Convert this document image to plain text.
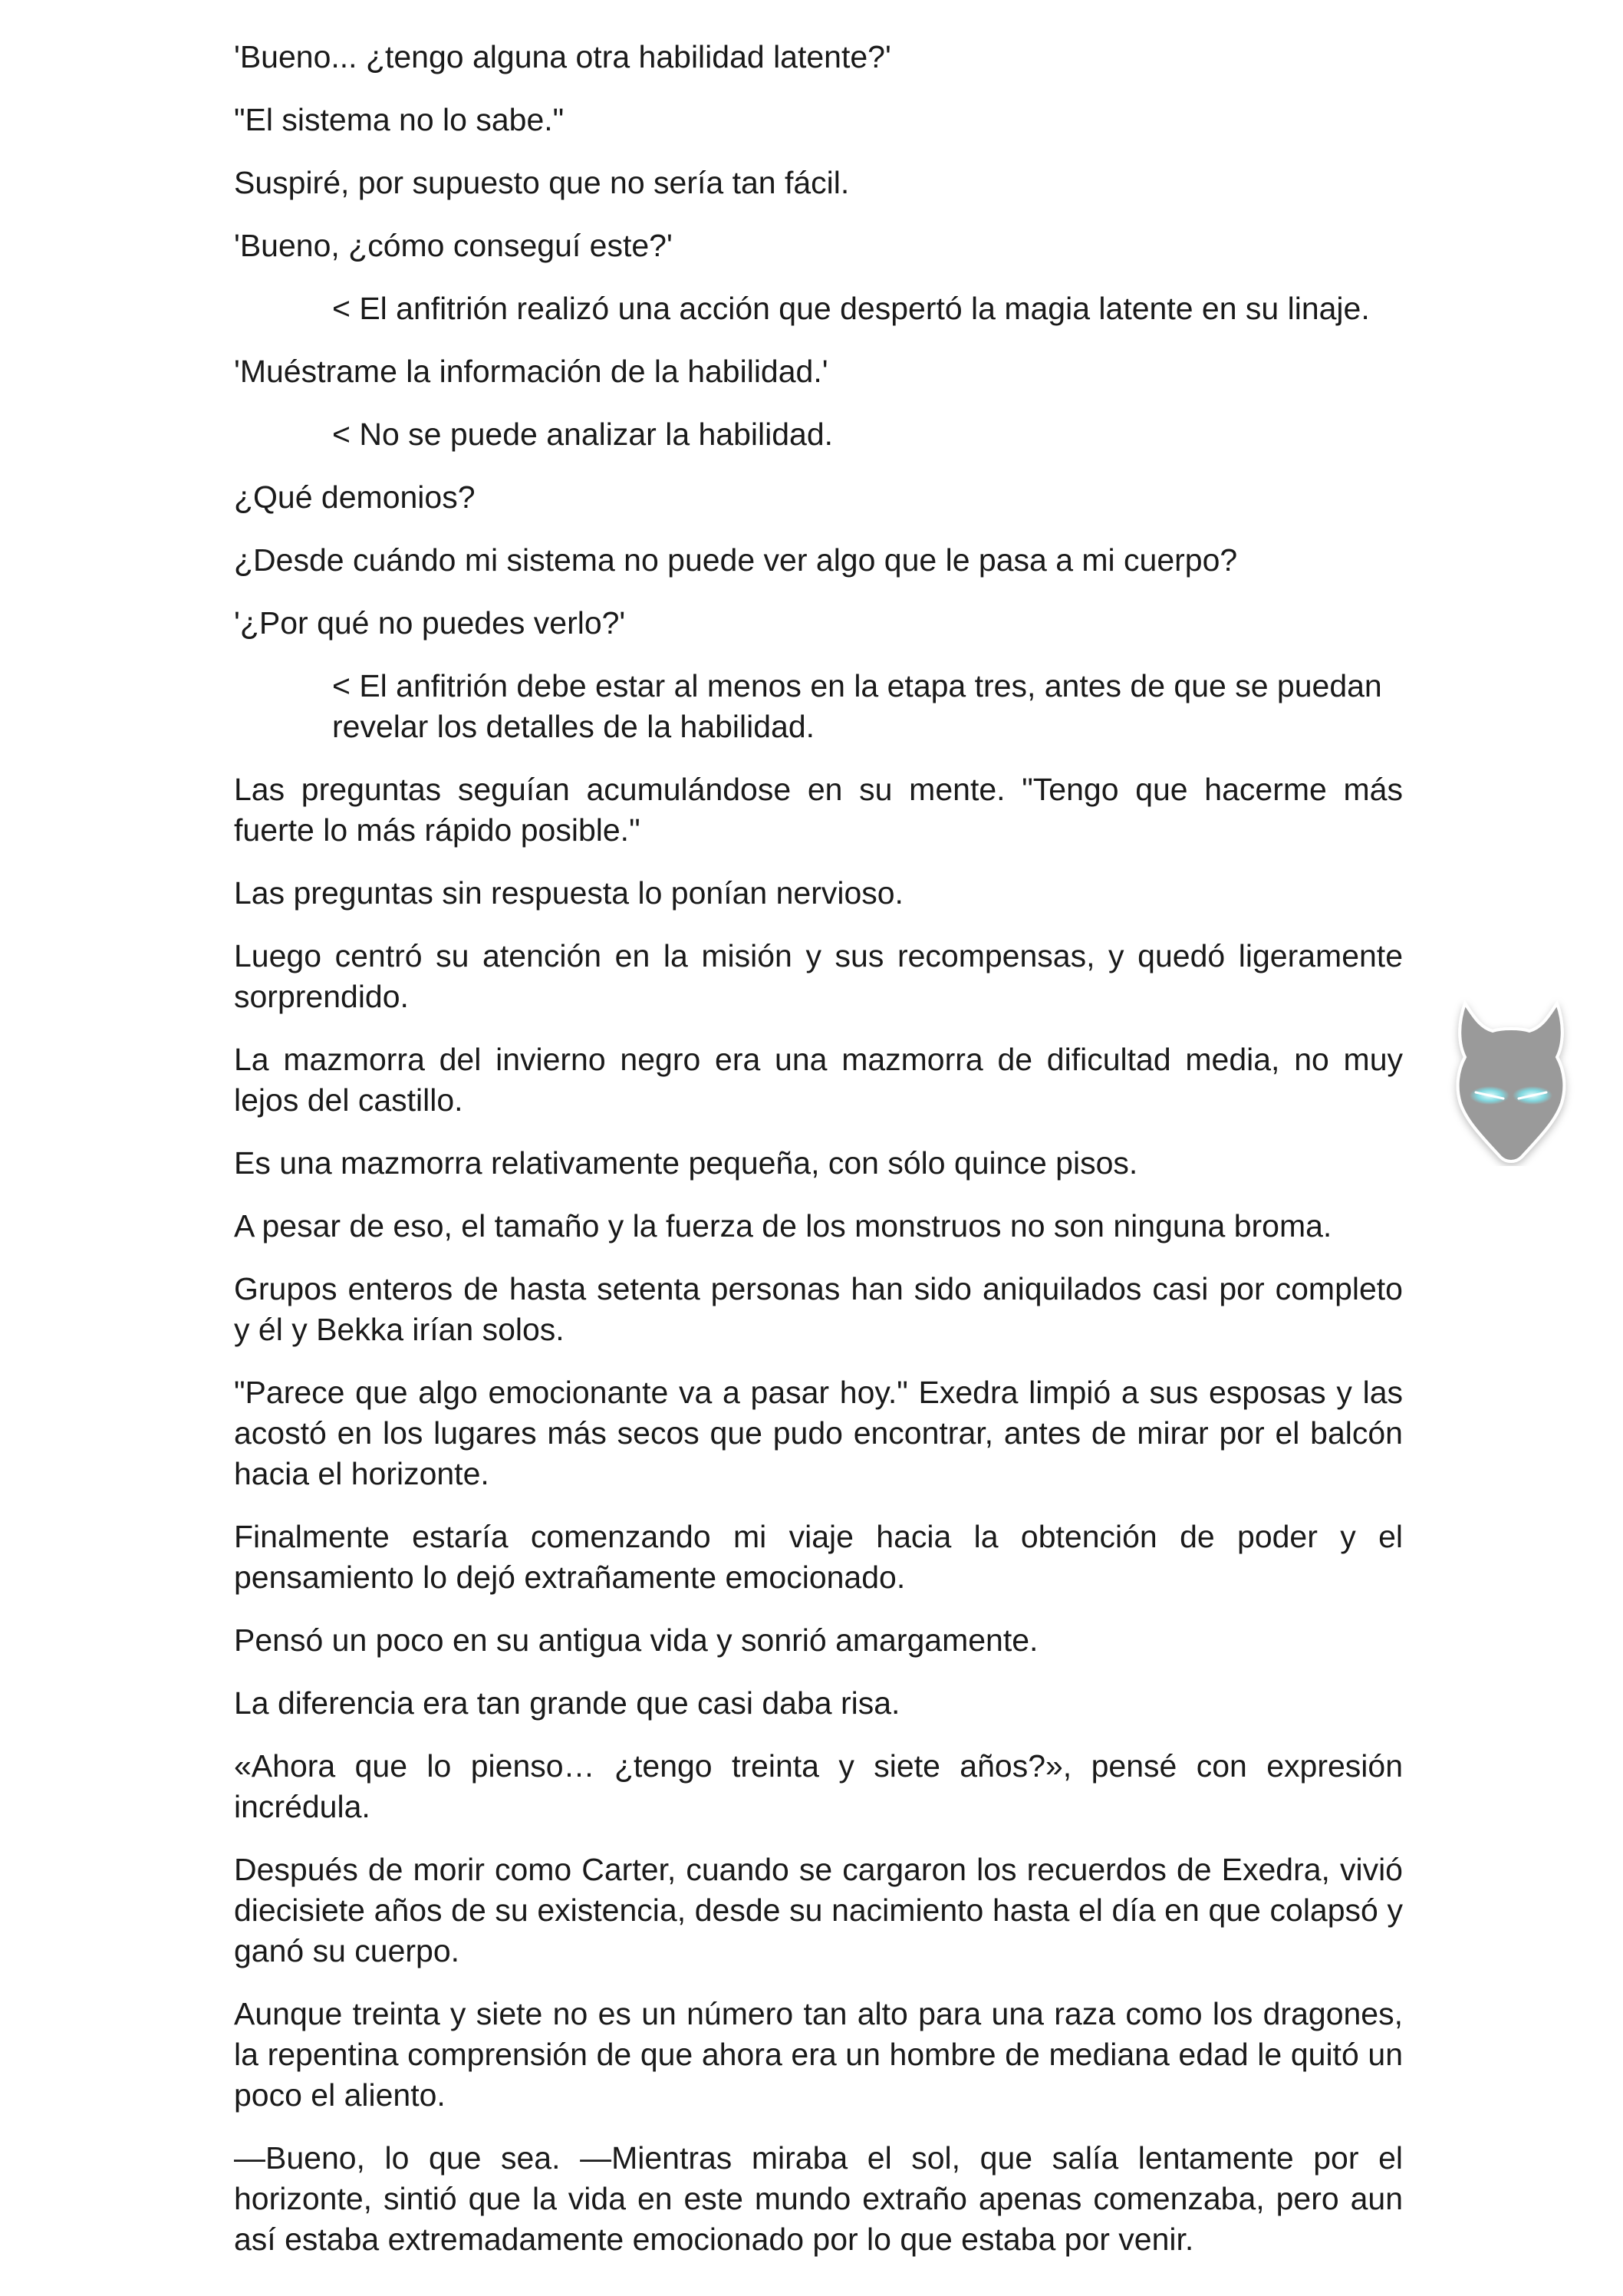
'Bueno... ¿tengo alguna otra habilidad latente?'

"El sistema no lo sabe."

Suspiré, por supuesto que no sería tan fácil.

'Bueno, ¿cómo conseguí este?'

< El anfitrión realizó una acción que despertó la magia latente en su linaje.

'Muéstrame la información de la habilidad.'

< No se puede analizar la habilidad.

¿Qué demonios?

¿Desde cuándo mi sistema no puede ver algo que le pasa a mi cuerpo?

'¿Por qué no puedes verlo?'

< El anfitrión debe estar al menos en la etapa tres, antes de que se puedan revelar los detalles de la habilidad.

Las preguntas seguían acumulándose en su mente. "Tengo que hacerme más fuerte lo más rápido posible."

Las preguntas sin respuesta lo ponían nervioso.

Luego centró su atención en la misión y sus recompensas, y quedó ligeramente sorprendido.

La mazmorra del invierno negro era una mazmorra de dificultad media, no muy lejos del castillo.

Es una mazmorra relativamente pequeña, con sólo quince pisos.

A pesar de eso, el tamaño y la fuerza de los monstruos no son ninguna broma.

Grupos enteros de hasta setenta personas han sido aniquilados casi por completo y él y Bekka irían solos.

"Parece que algo emocionante va a pasar hoy." Exedra limpió a sus esposas y las acostó en los lugares más secos que pudo encontrar, antes de mirar por el balcón hacia el horizonte.

Finalmente estaría comenzando mi viaje hacia la obtención de poder y el pensamiento lo dejó extrañamente emocionado.

Pensó un poco en su antigua vida y sonrió amargamente.

La diferencia era tan grande que casi daba risa.

«Ahora que lo pienso… ¿tengo treinta y siete años?», pensé con expresión incrédula.

Después de morir como Carter, cuando se cargaron los recuerdos de Exedra, vivió diecisiete años de su existencia, desde su nacimiento hasta el día en que colapsó y ganó su cuerpo.

Aunque treinta y siete no es un número tan alto para una raza como los dragones, la repentina comprensión de que ahora era un hombre de mediana edad le quitó un poco el aliento.

—Bueno, lo que sea. —Mientras miraba el sol, que salía lentamente por el horizonte, sintió que la vida en este mundo extraño apenas comenzaba, pero aun así estaba extremadamente emocionado por lo que estaba por venir.
